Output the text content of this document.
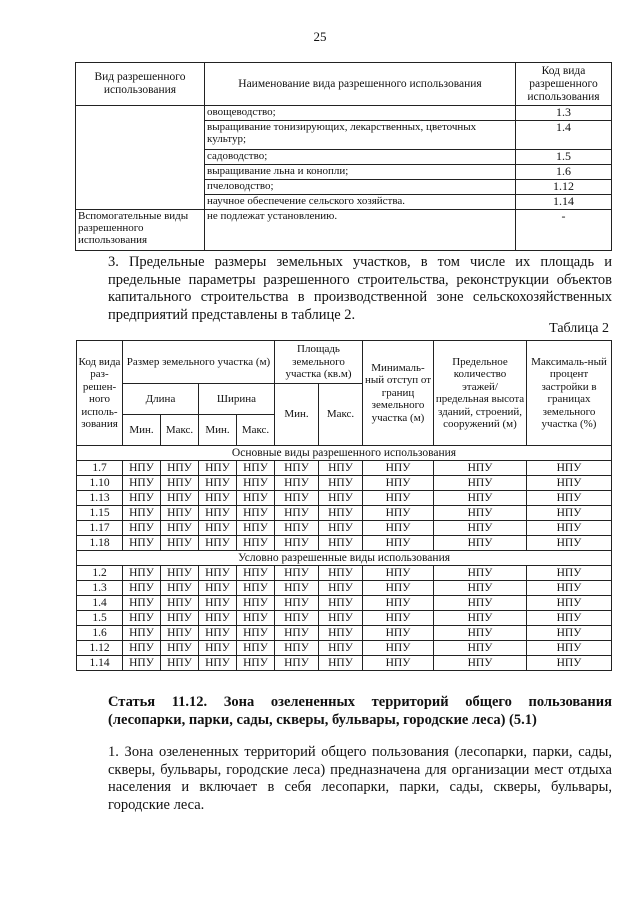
25
Вид разрешенного использования	Наименование вида разрешенного использования	Код вида разрешенного использования
	овощеводство;	1.3
	выращивание тонизирующих, лекарственных, цветочных культур;	1.4
	садоводство;	1.5
	выращивание льна и конопли;	1.6
	пчеловодство;	1.12
	научное обеспечение сельского хозяйства.	1.14
Вспомогательные виды разрешенного использования	не подлежат установлению.	-
3. Предельные размеры земельных участков, в том числе их площадь и предельные параметры разрешенного строительства, реконструкции объектов капитального строительства в производственной зоне сельскохозяйственных предприятий представлены в таблице 2.
Таблица 2
Код вида раз-решен-ного исполь-зования	Размер земельного участка (м)				Площадь земельного участка (кв.м)		Минималь-ный отступ от границ земельного участка (м)	Предельное количество этажей/ предельная высота зданий, строений, сооружений (м)	Максималь-ный процент застройки в границах земельного участка (%)
	Длина		Ширина		Мин.	Макс.			
	Мин.	Макс.	Мин.	Макс.					
Основные виды разрешенного использования									
1.7	НПУ	НПУ	НПУ	НПУ	НПУ	НПУ	НПУ	НПУ	НПУ
1.10	НПУ	НПУ	НПУ	НПУ	НПУ	НПУ	НПУ	НПУ	НПУ
1.13	НПУ	НПУ	НПУ	НПУ	НПУ	НПУ	НПУ	НПУ	НПУ
1.15	НПУ	НПУ	НПУ	НПУ	НПУ	НПУ	НПУ	НПУ	НПУ
1.17	НПУ	НПУ	НПУ	НПУ	НПУ	НПУ	НПУ	НПУ	НПУ
1.18	НПУ	НПУ	НПУ	НПУ	НПУ	НПУ	НПУ	НПУ	НПУ
Условно разрешенные виды использования									
1.2	НПУ	НПУ	НПУ	НПУ	НПУ	НПУ	НПУ	НПУ	НПУ
1.3	НПУ	НПУ	НПУ	НПУ	НПУ	НПУ	НПУ	НПУ	НПУ
1.4	НПУ	НПУ	НПУ	НПУ	НПУ	НПУ	НПУ	НПУ	НПУ
1.5	НПУ	НПУ	НПУ	НПУ	НПУ	НПУ	НПУ	НПУ	НПУ
1.6	НПУ	НПУ	НПУ	НПУ	НПУ	НПУ	НПУ	НПУ	НПУ
1.12	НПУ	НПУ	НПУ	НПУ	НПУ	НПУ	НПУ	НПУ	НПУ
1.14	НПУ	НПУ	НПУ	НПУ	НПУ	НПУ	НПУ	НПУ	НПУ
Статья 11.12. Зона озелененных территорий общего пользования (лесопарки, парки, сады, скверы, бульвары, городские леса) (5.1)
1. Зона озелененных территорий общего пользования (лесопарки, парки, сады, скверы, бульвары, городские леса) предназначена для организации мест отдыха населения и включает в себя лесопарки, парки, сады, скверы, бульвары, городские леса.
